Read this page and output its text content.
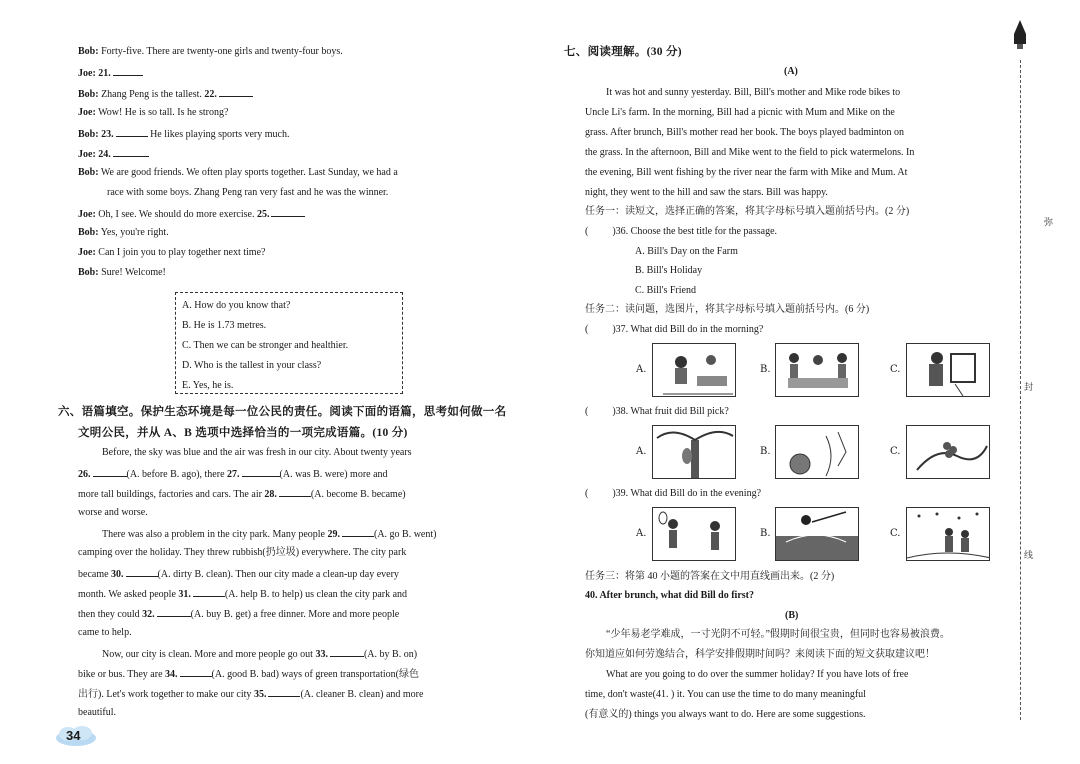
Bob: Forty-five. There are twenty-one girls and twenty-four boys.
Joe: 21.
Bob: Zhang Peng is the tallest. 22.
Joe: Wow! He is so tall. Is he strong?
Bob: 23.	He likes playing sports very much.
Joe: 24.
Bob: We are good friends. We often play sports together. Last Sunday, we had a
race with some boys. Zhang Peng ran very fast and he was the winner.
Joe: Oh, I see. We should do more exercise. 25.
Bob: Yes, you're right.
Joe: Can I join you to play together next time?
Bob: Sure! Welcome!
A. How do you know that?
B. He is 1.73 metres.
C. Then we can be stronger and healthier.
D. Who is the tallest in your class?
E. Yes, he is.
六、语篇填空。保护生态环境是每一位公民的责任。阅读下面的语篇，思考如何做一名
文明公民，并从 A、B 选项中选择恰当的一项完成语篇。(10 分)
Before, the sky was blue and the air was fresh in our city. About twenty years
26.	(A. before B. ago), there 27.	(A. was B. were) more and
more tall buildings, factories and cars. The air 28.	(A. become B. became)
worse and worse.
There was also a problem in the city park. Many people 29.	(A. go B. went)
camping over the holiday. They threw rubbish(扔垃圾) everywhere. The city park
became 30.	(A. dirty B. clean). Then our city made a clean-up day every
month. We asked people 31.	(A. help B. to help) us clean the city park and
then they could 32.	(A. buy B. get) a free dinner. More and more people
came to help.
Now, our city is clean. More and more people go out 33.	(A. by B. on)
bike or bus. They are 34.	(A. good B. bad) ways of green transportation(绿色
出行). Let's work together to make our city 35.	(A. cleaner B. clean) and more
beautiful.
34
七、阅读理解。(30 分)
(A)
It was hot and sunny yesterday. Bill, Bill's mother and Mike rode bikes to
Uncle Li's farm. In the morning, Bill had a picnic with Mum and Mike on the
grass. After brunch, Bill's mother read her book. The boys played badminton on
the grass. In the afternoon, Bill and Mike went to the field to pick watermelons. In
the evening, Bill went fishing by the river near the farm with Mike and Mum. At
night, they went to the hill and saw the stars. Bill was happy.
任务一：读短文，选择正确的答案，将其字母标号填入题前括号内。(2 分)
( )36. Choose the best title for the passage.
A. Bill's Day on the Farm
B. Bill's Holiday
C. Bill's Friend
任务二：读问题，选图片，将其字母标号填入题前括号内。(6 分)
( )37. What did Bill do in the morning?
A.	B.	C.
( )38. What fruit did Bill pick?
A.	B.	C.
( )39. What did Bill do in the evening?
A.	B.	C.
任务三：将第 40 小题的答案在文中用直线画出来。(2 分)
40. After brunch, what did Bill do first?
(B)
“少年易老学难成，一寸光阴不可轻。”假期时间很宝贵，但同时也容易被浪费。
你知道应如何劳逸结合，科学安排假期时间吗？来阅读下面的短文获取建议吧！
What are you going to do over the summer holiday? If you have lots of free
time, don't waste(41. ) it. You can use the time to do many meaningful
(有意义的) things you always want to do. Here are some suggestions.
弥
封
线
